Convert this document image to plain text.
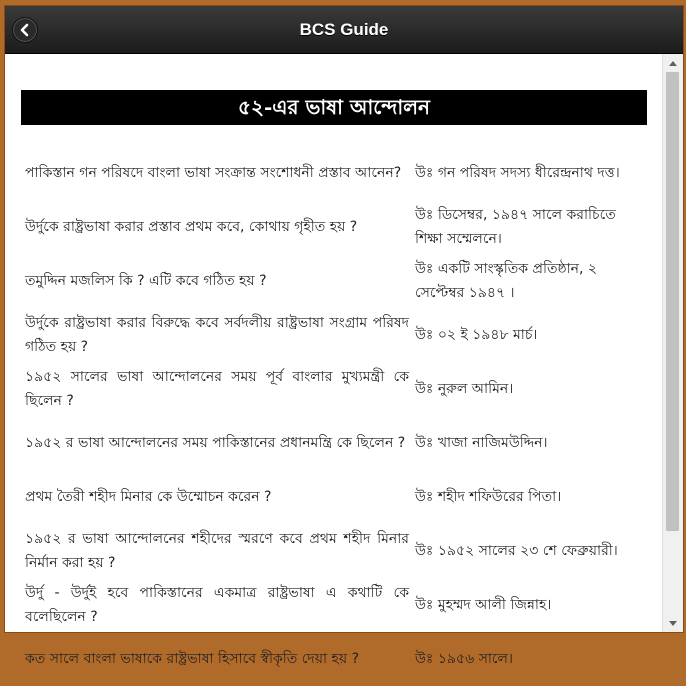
BCS Guide
৫২-এর ভাষা আন্দোলন
পাকিস্তান গন পরিষদে বাংলা ভাষা সংক্রান্ত সংশোধনী প্রস্তাব আনেন?	উঃ গন পরিষদ সদস্য ধীরেন্দ্রনাথ দত্ত।
উর্দুকে রাষ্ট্রভাষা করার প্রস্তাব প্রথম কবে, কোথায় গৃহীত হয় ?	উঃ ডিসেম্বর, ১৯৪৭ সালে করাচিতে শিক্ষা সম্মেলনে।
তমুদ্দিন মজলিস কি ? এটি কবে গঠিত হয় ?	উঃ একটি সাংস্কৃতিক প্রতিষ্ঠান, ২ সেপ্টেম্বর ১৯৪৭ ।
উর্দুকে রাষ্ট্রভাষা করার বিরুদ্ধে কবে সর্বদলীয় রাষ্ট্রভাষা সংগ্রাম পরিষদ গঠিত হয় ?	উঃ ০২ ই ১৯৪৮ মার্চ।
১৯৫২ সালের ভাষা আন্দোলনের সময় পূর্ব বাংলার মুখ্যমন্ত্রী কে ছিলেন ?	উঃ নুরুল আমিন।
১৯৫২ র ভাষা আন্দোলনের সময় পাকিস্তানের প্রধানমন্ত্রি কে ছিলেন ?	উঃ খাজা নাজিমউদ্দিন।
প্রথম তৈরী শহীদ মিনার কে উম্মোচন করেন ?	উঃ শহীদ শফিউরের পিতা।
১৯৫২ র ভাষা আন্দোলনের শহীদের স্মরণে কবে প্রথম শহীদ মিনার নির্মান করা হয় ?	উঃ ১৯৫২ সালের ২৩ শে ফেব্রুয়ারী।
উর্দু - উর্দুই হবে পাকিস্তানের একমাত্র রাষ্ট্রভাষা এ কথাটি কে বলেছিলেন ?	উঃ মুহম্মদ আলী জিন্নাহ।
কত সালে বাংলা ভাষাকে রাষ্ট্রভাষা হিসাবে স্বীকৃতি দেয়া হয় ?	উঃ ১৯৫৬ সালে।
